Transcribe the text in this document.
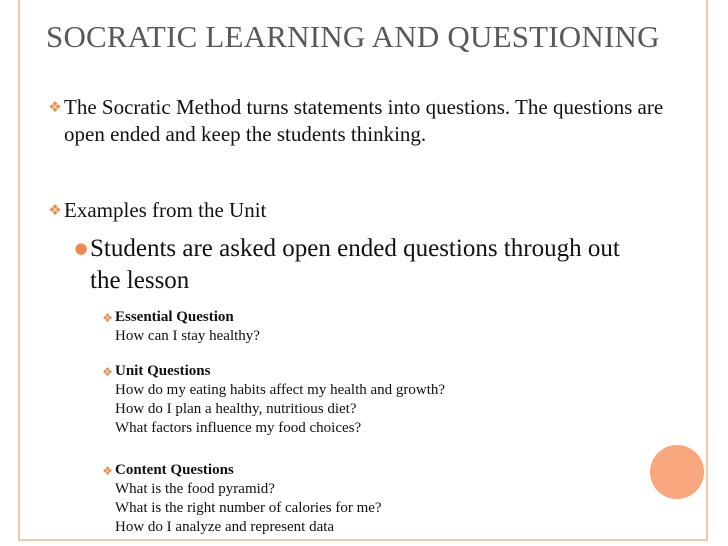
SOCRATIC LEARNING AND QUESTIONING
❖ The Socratic Method turns statements into questions. The questions are open ended and keep the students thinking.
❖ Examples from the Unit
● Students are asked open ended questions through out the lesson
❖ Essential Question
How can I stay healthy?
❖ Unit Questions
How do my eating habits affect my health and growth?
How do I plan a healthy, nutritious diet?
What factors influence my food choices?
❖ Content Questions
What is the food pyramid?
What is the right number of calories for me?
How do I analyze and represent data
